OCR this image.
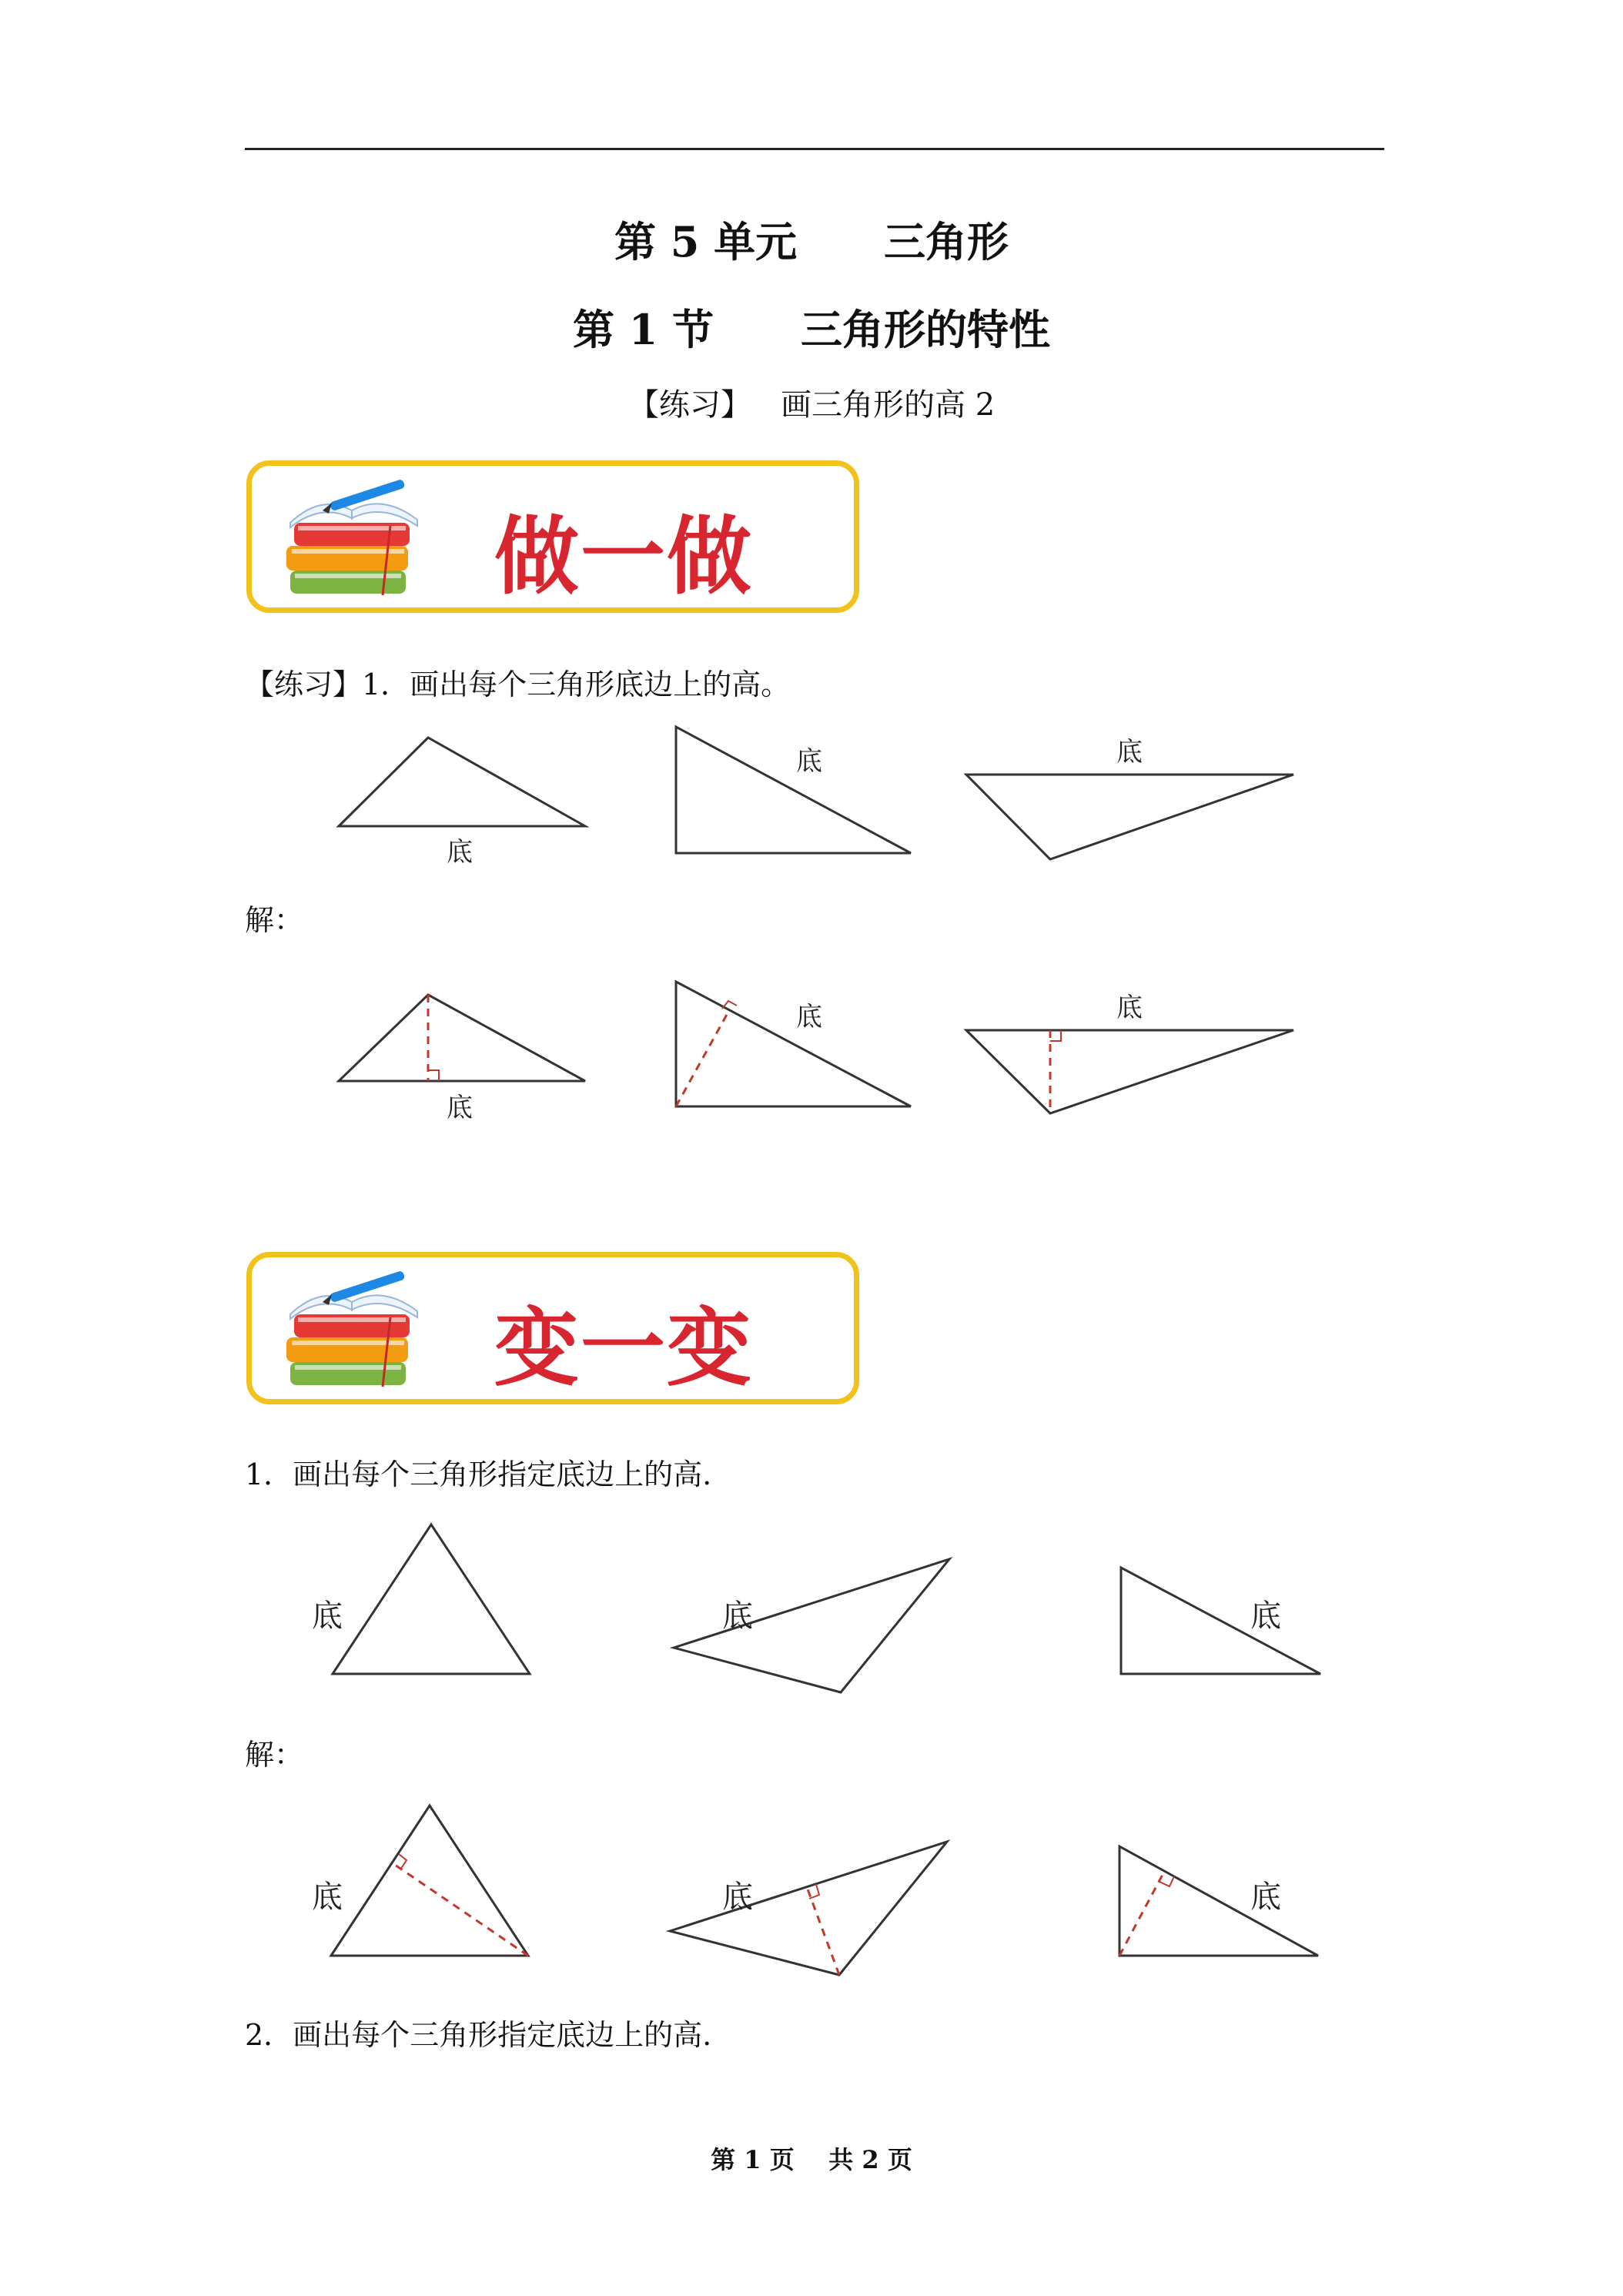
第 5 单元      三角形
第 1 节      三角形的特性
【练习】   画三角形的高 2
做一做
【练习】1．画出每个三角形底边上的高。
底
底	底
解：
底
底	底
变一变
1．画出每个三角形指定底边上的高.
底	底	底
解：
底	底	底
2．画出每个三角形指定底边上的高.
第 1 页    共 2 页
